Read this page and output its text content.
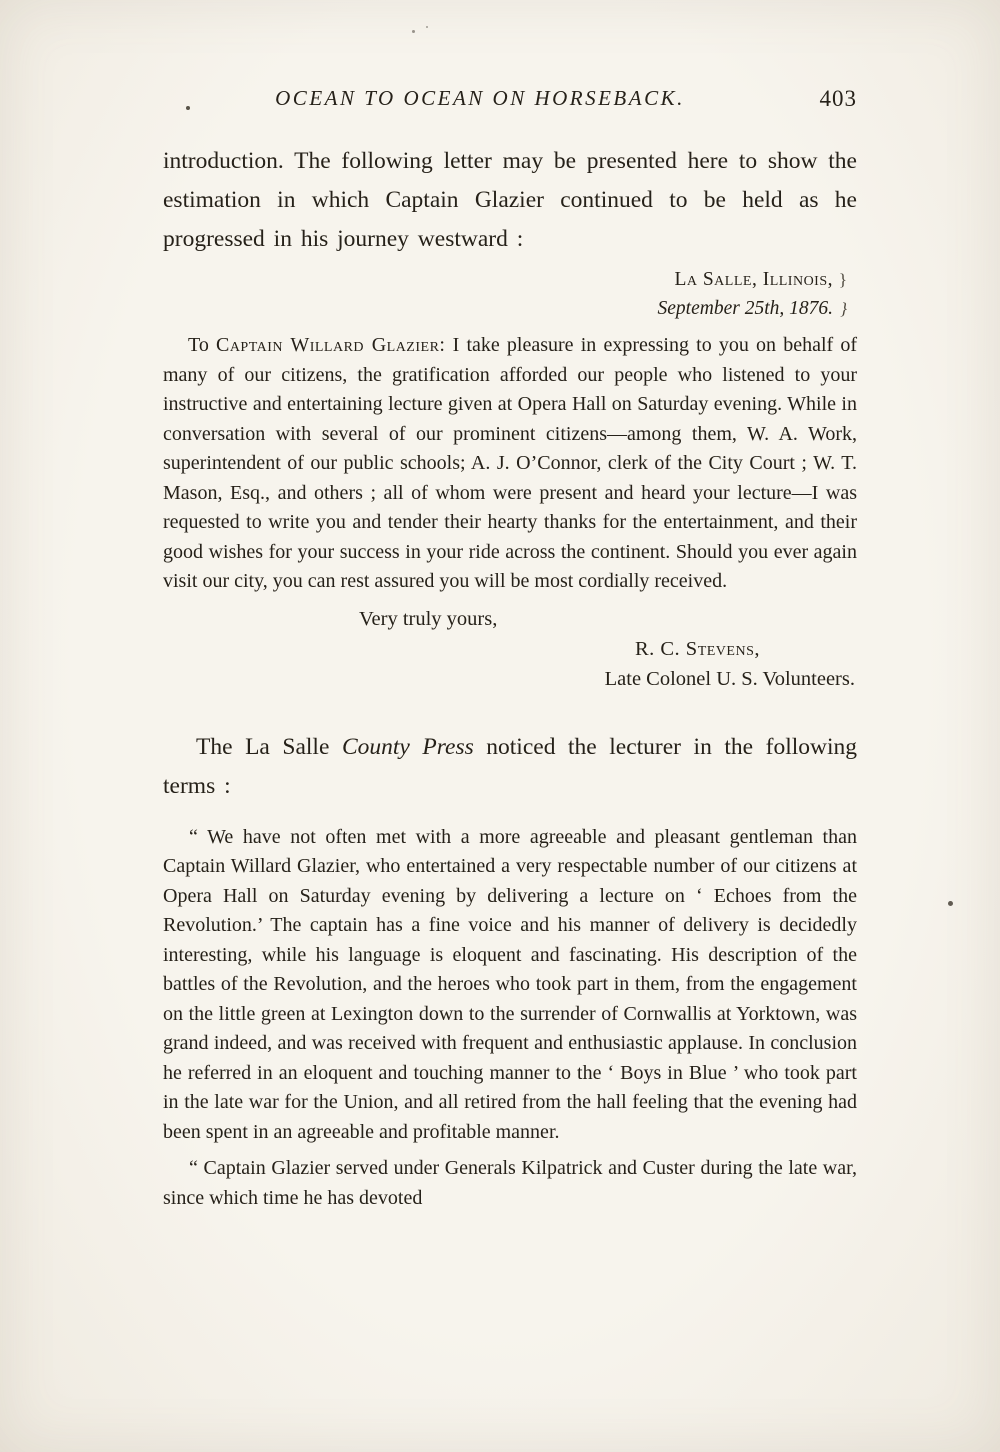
OCEAN TO OCEAN ON HORSEBACK.	403

introduction. The following letter may be presented here to show the estimation in which Captain Glazier continued to be held as he progressed in his journey westward :

La Salle, Illinois, }
September 25th, 1876. }

To Captain Willard Glazier: I take pleasure in expressing to you on behalf of many of our citizens, the gratification afforded our people who listened to your instructive and entertaining lecture given at Opera Hall on Saturday evening. While in conversation with several of our prominent citizens—among them, W. A. Work, superintendent of our public schools; A. J. O’Connor, clerk of the City Court ; W. T. Mason, Esq., and others ; all of whom were present and heard your lecture—I was requested to write you and tender their hearty thanks for the entertainment, and their good wishes for your success in your ride across the continent. Should you ever again visit our city, you can rest assured you will be most cordially received.

Very truly yours,

R. C. Stevens,

Late Colonel U. S. Volunteers.

The La Salle County Press noticed the lecturer in the following terms :

“ We have not often met with a more agreeable and pleasant gentleman than Captain Willard Glazier, who entertained a very respectable number of our citizens at Opera Hall on Saturday evening by delivering a lecture on ‘ Echoes from the Revolution.’ The captain has a fine voice and his manner of delivery is decidedly interesting, while his language is eloquent and fascinating. His description of the battles of the Revolution, and the heroes who took part in them, from the engagement on the little green at Lexington down to the surrender of Cornwallis at Yorktown, was grand indeed, and was received with frequent and enthusiastic applause. In conclusion he referred in an eloquent and touching manner to the ‘ Boys in Blue ’ who took part in the late war for the Union, and all retired from the hall feeling that the evening had been spent in an agreeable and profitable manner.

“ Captain Glazier served under Generals Kilpatrick and Custer during the late war, since which time he has devoted
